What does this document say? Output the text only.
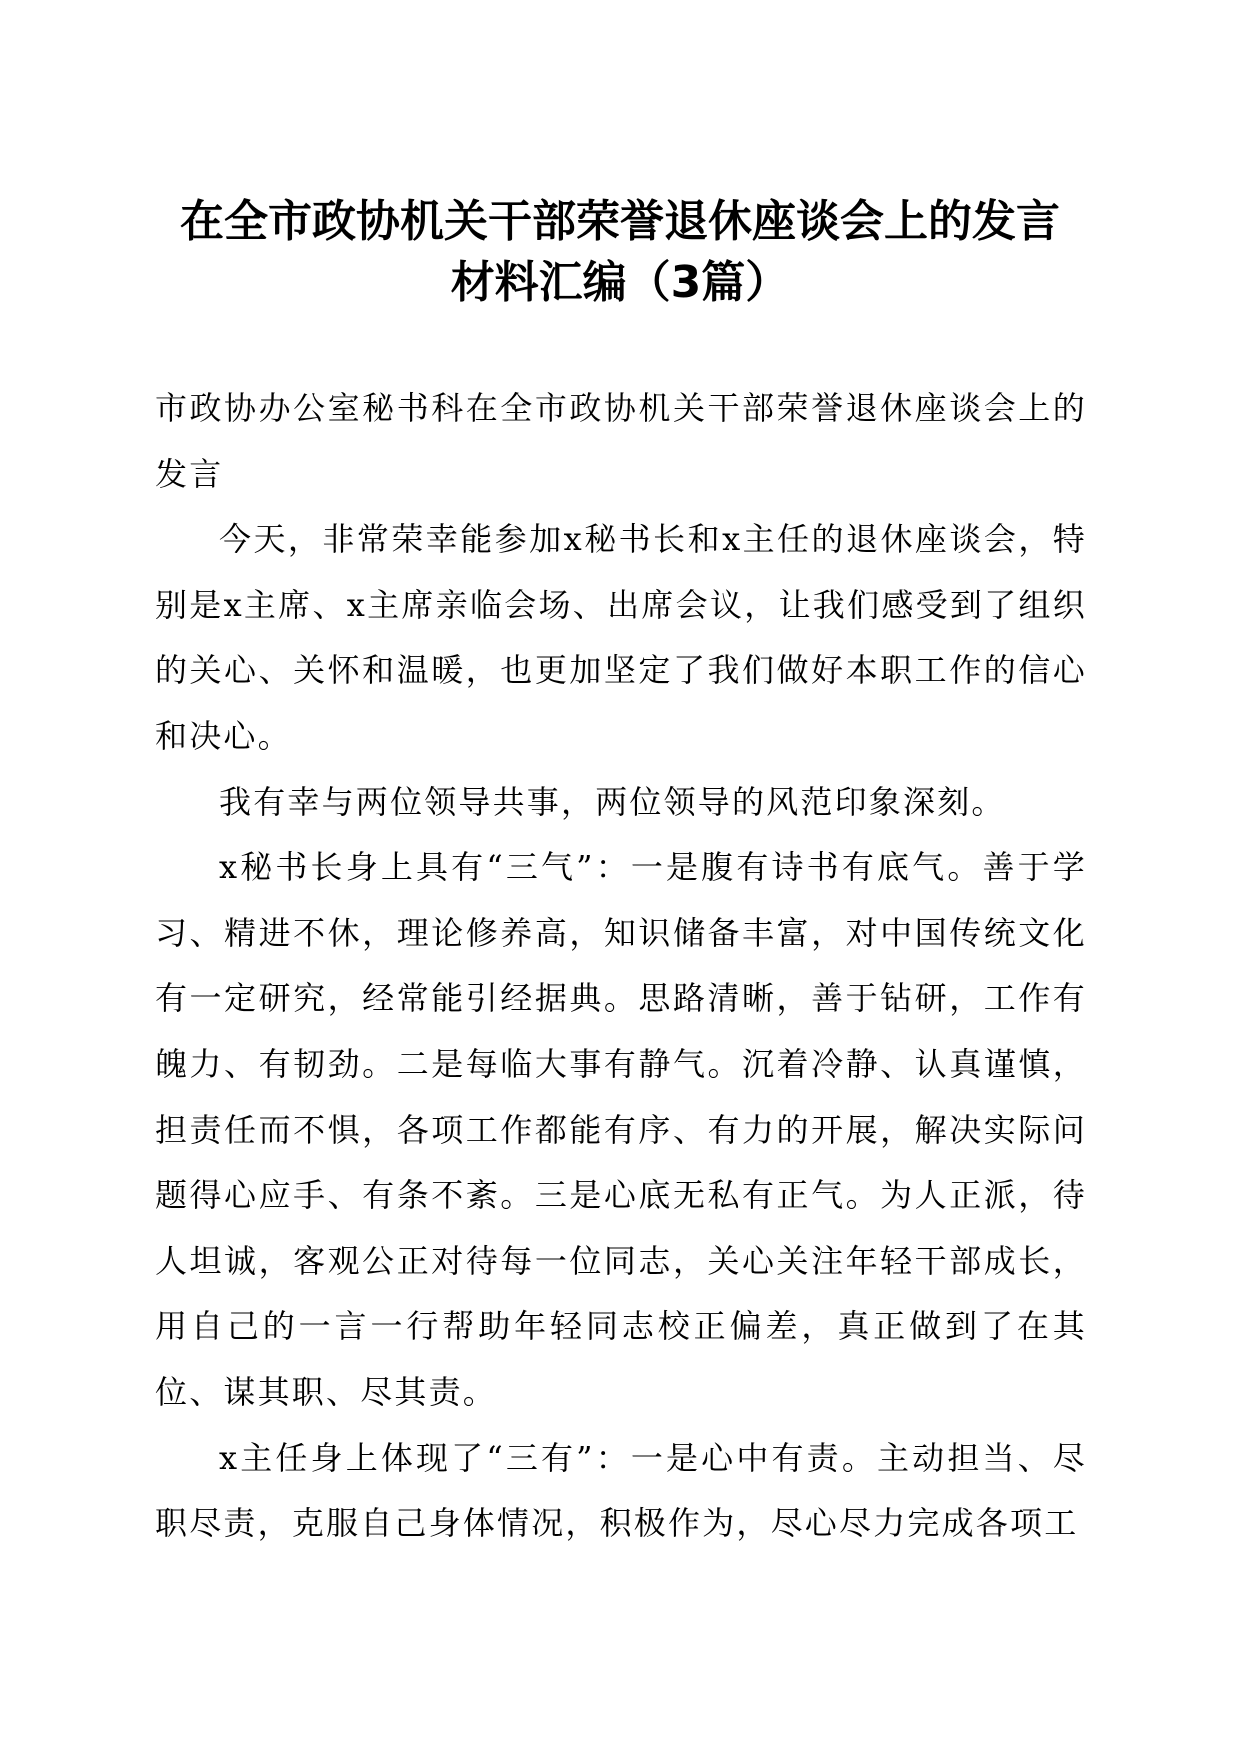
在全市政协机关干部荣誉退休座谈会上的发言
材料汇编（3篇）

市政协办公室秘书科在全市政协机关干部荣誉退休座谈会上的发言

今天，非常荣幸能参加x秘书长和x主任的退休座谈会，特别是x主席、x主席亲临会场、出席会议，让我们感受到了组织的关心、关怀和温暖，也更加坚定了我们做好本职工作的信心和决心。

我有幸与两位领导共事，两位领导的风范印象深刻。

x秘书长身上具有“三气”：一是腹有诗书有底气。善于学习、精进不休，理论修养高，知识储备丰富，对中国传统文化有一定研究，经常能引经据典。思路清晰，善于钻研，工作有魄力、有韧劲。二是每临大事有静气。沉着冷静、认真谨慎，担责任而不惧，各项工作都能有序、有力的开展，解决实际问题得心应手、有条不紊。三是心底无私有正气。为人正派，待人坦诚，客观公正对待每一位同志，关心关注年轻干部成长，用自己的一言一行帮助年轻同志校正偏差，真正做到了在其位、谋其职、尽其责。

x主任身上体现了“三有”：一是心中有责。主动担当、尽职尽责，克服自己身体情况，积极作为，尽心尽力完成各项工
